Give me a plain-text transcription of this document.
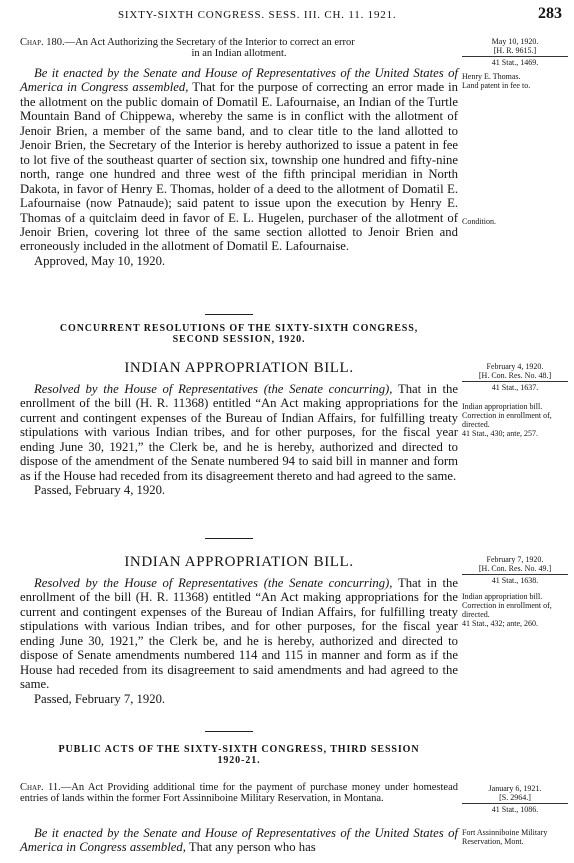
SIXTY-SIXTH CONGRESS. SESS. III. CH. 11. 1921.	283
Chap. 180.—An Act Authorizing the Secretary of the Interior to correct an error
in an Indian allotment.

Be it enacted by the Senate and House of Representatives of the United States of America in Congress assembled, That for the purpose of correcting an error made in the allotment on the public domain of Domatil E. Lafournaise, an Indian of the Turtle Mountain Band of Chippewa, whereby the same is in conflict with the allotment of Jenoir Brien, a member of the same band, and to clear title to the land allotted to Jenoir Brien, the Secretary of the Interior is hereby authorized to issue a patent in fee to lot five of the southeast quarter of section six, township one hundred and fifty-nine north, range one hundred and three west of the fifth principal meridian in North Dakota, in favor of Henry E. Thomas, holder of a deed to the allotment of Domatil E. Lafournaise (now Patnaude); said patent to issue upon the execution by Henry E. Thomas of a quitclaim deed in favor of E. L. Hugelen, purchaser of the allotment of Jenoir Brien, covering lot three of the same section allotted to Jenoir Brien and erroneously included in the allotment of Domatil E. Lafournaise.

Approved, May 10, 1920.

May 10, 1920.
[H. R. 9615.]
41 Stat., 1469.
Henry E. Thomas.
Land patent in fee to.
Condition.
CONCURRENT RESOLUTIONS OF THE SIXTY-SIXTH CONGRESS,
SECOND SESSION, 1920.
INDIAN APPROPRIATION BILL.

Resolved by the House of Representatives (the Senate concurring), That in the enrollment of the bill (H. R. 11368) entitled “An Act making appropriations for the current and contingent expenses of the Bureau of Indian Affairs, for fulfilling treaty stipulations with various Indian tribes, and for other purposes, for the fiscal year ending June 30, 1921,” the Clerk be, and he is hereby, authorized and directed to dispose of the amendment of the Senate numbered 94 to said bill in manner and form as if the House had receded from its disagreement thereto and had agreed to the same.

Passed, February 4, 1920.

February 4, 1920.
[H. Con. Res. No. 48.]
41 Stat., 1637.
Indian appropriation bill.
Correction in enrollment of, directed.
41 Stat., 430; ante, 257.
INDIAN APPROPRIATION BILL.

Resolved by the House of Representatives (the Senate concurring), That in the enrollment of the bill (H. R. 11368) entitled “An Act making appropriations for the current and contingent expenses of the Bureau of Indian Affairs, for fulfilling treaty stipulations with various Indian tribes, and for other purposes, for the fiscal year ending June 30, 1921,” the Clerk be, and he is hereby, authorized and directed to dispose of Senate amendments numbered 114 and 115 in manner and form as if the House had receded from its disagreement to said amendments and had agreed to the same.

Passed, February 7, 1920.

February 7, 1920.
[H. Con. Res. No. 49.]
41 Stat., 1638.
Indian appropriation bill.
Correction in enrollment of, directed.
41 Stat., 432; ante, 260.
PUBLIC ACTS OF THE SIXTY-SIXTH CONGRESS, THIRD SESSION
1920-21.
Chap. 11.—An Act Providing additional time for the payment of purchase money under homestead entries of lands within the former Fort Assinniboine Military Reservation, in Montana.

Be it enacted by the Senate and House of Representatives of the United States of America in Congress assembled, That any person who has

January 6, 1921.
[S. 2964.]
41 Stat., 1086.
Fort Assinniboine Military Reservation, Mont.
